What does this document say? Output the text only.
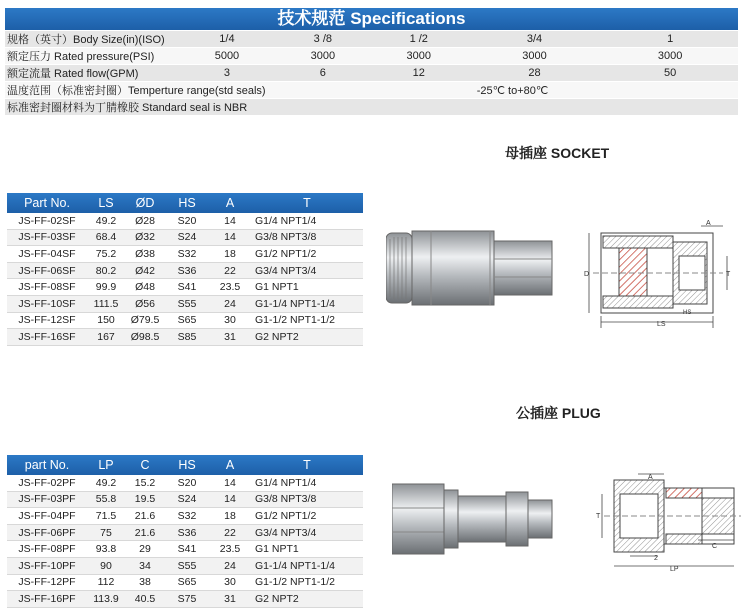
技术规范 Specifications
规格（英寸）Body Size(in)(ISO)	1/4	3 /8	1 /2	3/4	1
额定压力 Rated pressure(PSI)	5000	3000	3000	3000	3000
额定流量 Rated flow(GPM)	3	6	12	28	50
温度范围（标准密封圈）Temperture range(std seals)				-25℃ to+80℃	
标准密封圈材料为丁腈橡胶 Standard seal is NBR					
母插座 SOCKET
Part No.	LS	ØD	HS	A	T
JS-FF-02SF	49.2	Ø28	S20	14	G1/4 NPT1/4
JS-FF-03SF	68.4	Ø32	S24	14	G3/8 NPT3/8
JS-FF-04SF	75.2	Ø38	S32	18	G1/2 NPT1/2
JS-FF-06SF	80.2	Ø42	S36	22	G3/4 NPT3/4
JS-FF-08SF	99.9	Ø48	S41	23.5	G1 NPT1
JS-FF-10SF	111.5	Ø56	S55	24	G1-1/4 NPT1-1/4
JS-FF-12SF	150	Ø79.5	S65	30	G1-1/2 NPT1-1/2
JS-FF-16SF	167	Ø98.5	S85	31	G2 NPT2
LS
D
A
T
HS
公插座 PLUG
part No.	LP	C	HS	A	T
JS-FF-02PF	49.2	15.2	S20	14	G1/4 NPT1/4
JS-FF-03PF	55.8	19.5	S24	14	G3/8 NPT3/8
JS-FF-04PF	71.5	21.6	S32	18	G1/2 NPT1/2
JS-FF-06PF	75	21.6	S36	22	G3/4 NPT3/4
JS-FF-08PF	93.8	29	S41	23.5	G1 NPT1
JS-FF-10PF	90	34	S55	24	G1-1/4 NPT1-1/4
JS-FF-12PF	112	38	S65	30	G1-1/2 NPT1-1/2
JS-FF-16PF	113.9	40.5	S75	31	G2 NPT2
LP
2
C
T
A
